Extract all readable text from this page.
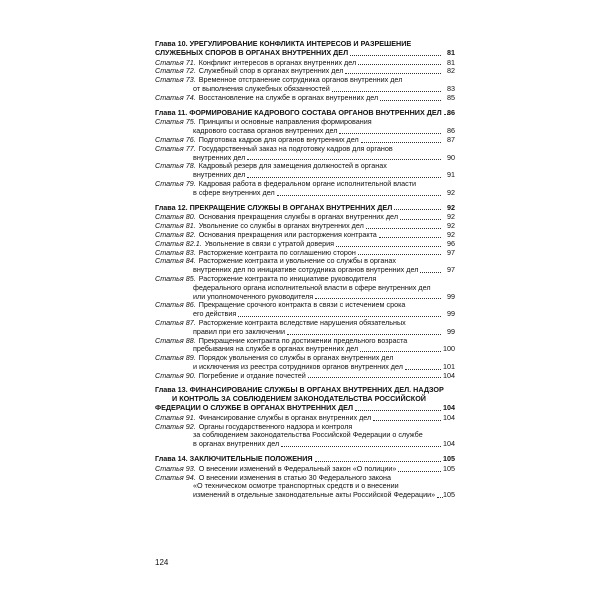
Глава 10. УРЕГУЛИРОВАНИЕ КОНФЛИКТА ИНТЕРЕСОВ И РАЗРЕШЕНИЕ
СЛУЖЕБНЫХ СПОРОВ В ОРГАНАХ ВНУТРЕННИХ ДЕЛ	81
Статья 71. Конфликт интересов в органах внутренних дел	81
Статья 72. Служебный спор в органах внутренних дел	82
Статья 73. Временное отстранение сотрудника органов внутренних дел
от выполнения служебных обязанностей	83
Статья 74. Восстановление на службе в органах внутренних дел	85
Глава 11. ФОРМИРОВАНИЕ КАДРОВОГО СОСТАВА ОРГАНОВ ВНУТРЕННИХ ДЕЛ 86
Статья 75. Принципы и основные направления формирования
кадрового состава органов внутренних дел	86
Статья 76. Подготовка кадров для органов внутренних дел	87
Статья 77. Государственный заказ на подготовку кадров для органов
внутренних дел	90
Статья 78. Кадровый резерв для замещения должностей в органах
внутренних дел	91
Статья 79. Кадровая работа в федеральном органе исполнительной власти
в сфере внутренних дел	92
Глава 12. ПРЕКРАЩЕНИЕ СЛУЖБЫ В ОРГАНАХ ВНУТРЕННИХ ДЕЛ	92
Статья 80. Основания прекращения службы в органах внутренних дел	92
Статья 81. Увольнение со службы в органах внутренних дел	92
Статья 82. Основания прекращения или расторжения контракта	92
Статья 82.1. Увольнение в связи с утратой доверия	96
Статья 83. Расторжение контракта по соглашению сторон	97
Статья 84. Расторжение контракта и увольнение со службы в органах
внутренних дел по инициативе сотрудника органов внутренних дел	97
Статья 85. Расторжение контракта по инициативе руководителя
федерального органа исполнительной власти в сфере внутренних дел
или уполномоченного руководителя	99
Статья 86. Прекращение срочного контракта в связи с истечением срока
его действия	99
Статья 87. Расторжение контракта вследствие нарушения обязательных
правил при его заключении	99
Статья 88. Прекращение контракта по достижении предельного возраста
пребывания на службе в органах внутренних дел	100
Статья 89. Порядок увольнения со службы в органах внутренних дел
и исключения из реестра сотрудников органов внутренних дел	101
Статья 90. Погребение и отдание почестей	104
Глава 13. ФИНАНСИРОВАНИЕ СЛУЖБЫ В ОРГАНАХ ВНУТРЕННИХ ДЕЛ. НАДЗОР
И КОНТРОЛЬ ЗА СОБЛЮДЕНИЕМ ЗАКОНОДАТЕЛЬСТВА РОССИЙСКОЙ
ФЕДЕРАЦИИ О СЛУЖБЕ В ОРГАНАХ ВНУТРЕННИХ ДЕЛ	104
Статья 91. Финансирование службы в органах внутренних дел	104
Статья 92. Органы государственного надзора и контроля
за соблюдением законодательства Российской Федерации о службе
в органах внутренних дел	104
Глава 14. ЗАКЛЮЧИТЕЛЬНЫЕ ПОЛОЖЕНИЯ	105
Статья 93. О внесении изменений в Федеральный закон «О полиции»	105
Статья 94. О внесении изменения в статью 30 Федерального закона
«О техническом осмотре транспортных средств и о внесении
изменений в отдельные законодательные акты Российской Федерации» 105
124
